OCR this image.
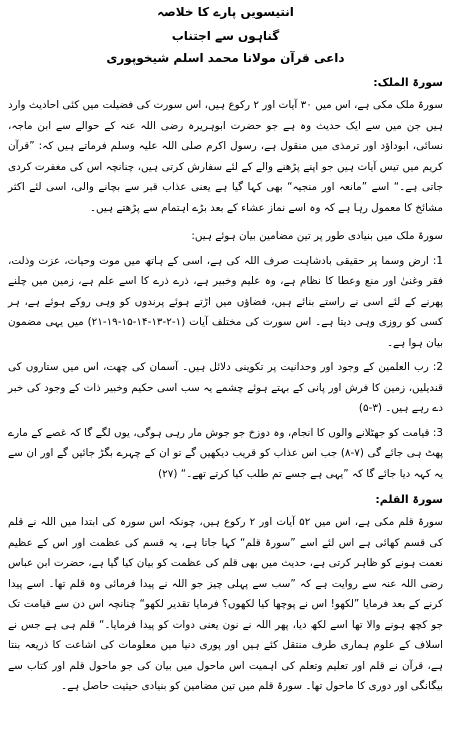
انتیسویں پارے کا خلاصہ
گناہوں سے اجتناب
داعی قرآن مولانا محمد اسلم شیخوپوری
سورۃ الملک:

سورۃ ملک مکی ہے، اس میں ۳۰ آیات اور ۲ رکوع ہیں، اس سورت کی فضیلت میں کئی احادیث وارد ہیں جن میں سے ایک حدیث وہ ہے جو حضرت ابوہریرہ رضی اللہ عنہ کے حوالے سے ابن ماجہ، نسائی، ابوداؤد اور ترمذی میں منقول ہے، رسول اکرم صلی اللہ علیہ وسلم فرماتے ہیں کہ: ”قرآن کریم میں تیس آیات ہیں جو اپنے پڑھنے والے کے لئے سفارش کرتی ہیں، چنانچہ اس کی مغفرت کردی جاتی ہے۔“ اسے ”مانعہ اور منجیہ“ بھی کہا گیا ہے یعنی عذاب قبر سے بچانے والی، اسی لئے اکثر مشائخ کا معمول رہا ہے کہ وہ اسے نماز عشاء کے بعد بڑے اہتمام سے پڑھتے ہیں۔

سورۃ ملک میں بنیادی طور پر تین مضامین بیان ہوئے ہیں:

1: ارض وسما پر حقیقی بادشاہت صرف اللہ کی ہے، اسی کے ہاتھ میں موت وحیات، عزت وذلت، فقر وغنیٰ اور منع وعطا کا نظام ہے، وہ علیم وخبیر ہے، ذرے ذرے کا اسے علم ہے، زمین میں چلنے پھرنے کے لئے اسی نے راستے بنائے ہیں، فضاؤں میں اڑتے ہوئے پرندوں کو وہی روکے ہوئے ہے، ہر کسی کو روزی وہی دیتا ہے۔ اس سورت کی مختلف آیات (۱-۲-۱۳-۱۴-۱۵-۱۹-۲۱) میں یہی مضمون بیان ہوا ہے۔

2: رب العلمین کے وجود اور وحدانیت پر تکوینی دلائل ہیں۔ آسمان کی چھت، اس میں ستاروں کی قندیلیں، زمین کا فرش اور پانی کے بہتے ہوئے چشمے یہ سب اسی حکیم وخبیر ذات کے وجود کی خبر دے رہے ہیں۔ (۳-۵)

3: قیامت کو جھٹلانے والوں کا انجام، وہ دوزخ جو جوش مار رہی ہوگی، یوں لگے گا کہ غصے کے مارے پھٹ ہی جائے گی (۷-۸) جب اس عذاب کو قریب دیکھیں گے تو ان کے چہرے بگڑ جائیں گے اور ان سے یہ کہہ دیا جائے گا کہ ”یہی ہے جسے تم طلب کیا کرتے تھے۔“ (۲۷)

سورۃ القلم:

سورۃ قلم مکی ہے، اس میں ۵۲ آیات اور ۲ رکوع ہیں، چونکہ اس سورہ کی ابتدا میں اللہ نے قلم کی قسم کھائی ہے اس لئے اسے ”سورۃ قلم“ کہا جاتا ہے، یہ قسم کی عظمت اور اس کے عظیم نعمت ہونے کو ظاہر کرتی ہے، حدیث میں بھی قلم کی عظمت کو بیان کیا گیا ہے، حضرت ابن عباس رضی اللہ عنہ سے روایت ہے کہ ”سب سے پہلی چیز جو اللہ نے پیدا فرمائی وہ قلم تھا۔ اسے پیدا کرنے کے بعد فرمایا ”لکھو! اس نے پوچھا کیا لکھوں؟ فرمایا تقدیر لکھو“ چنانچہ اس دن سے قیامت تک جو کچھ ہونے والا تھا اسے لکھ دیا، پھر اللہ نے نون یعنی دوات کو پیدا فرمایا۔“ قلم ہی ہے جس نے اسلاف کے علوم ہماری طرف منتقل کئے ہیں اور پوری دنیا میں معلومات کی اشاعت کا ذریعہ بنتا ہے، قرآن نے قلم اور تعلیم وتعلم کی اہمیت اس ماحول میں بیان کی جو ماحول قلم اور کتاب سے بیگانگی اور دوری کا ماحول تھا۔ سورۃ قلم میں تین مضامین کو بنیادی حیثیت حاصل ہے۔
